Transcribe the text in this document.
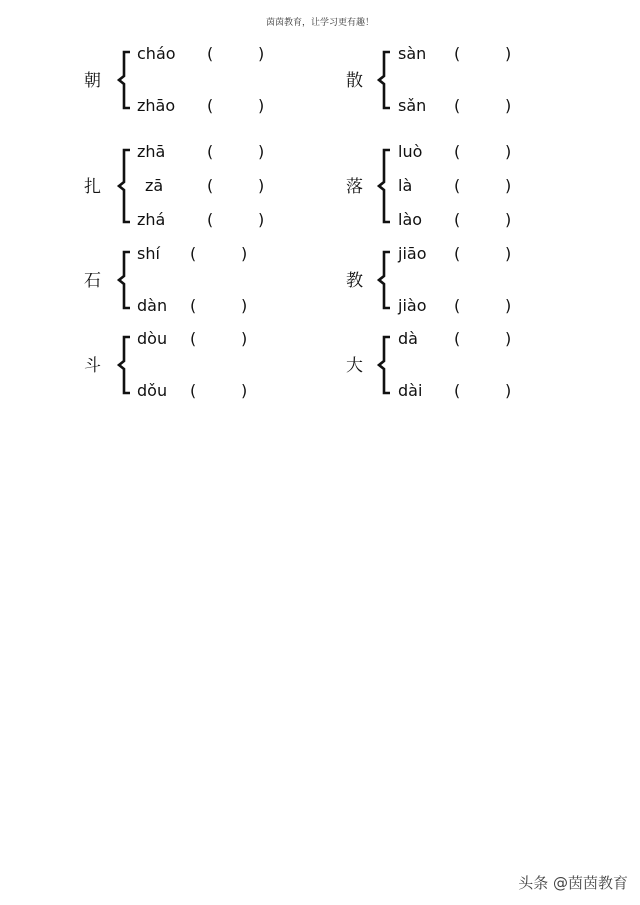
茵茵教育，让学习更有趣！
朝
cháo (	)
zhāo (	)
散
sàn (	)
sǎn (	)
扎
zhā	(	)
zā	(	)
zhá	(	)
落
luò (	)
là	(	)
lào (	)
石
shí (	)
dàn (	)
教
jiāo (	)
jiào (	)
斗
dòu (	)
dǒu (	)
大
dà (	)
dài (	)
头条 @茵茵教育
